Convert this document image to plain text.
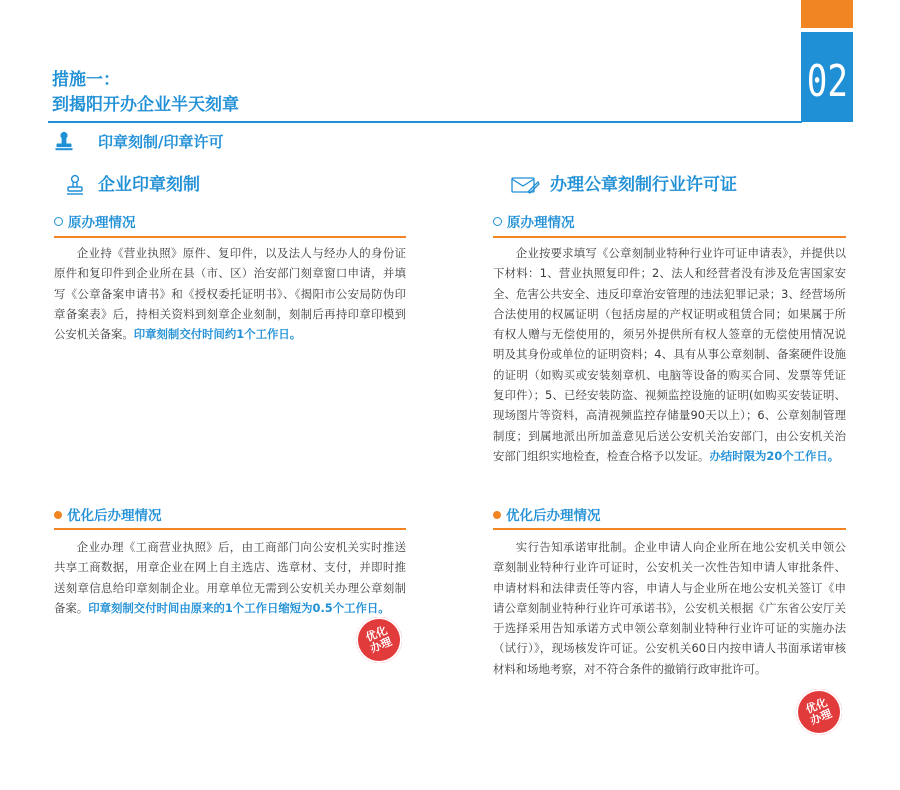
措施一：
到揭阳开办企业半天刻章	02
印章刻制/印章许可
企业印章刻制
原办理情况
企业持《营业执照》原件、复印件，以及法人与经办人的身份证原件和复印件到企业所在县（市、区）治安部门刻章窗口申请，并填写《公章备案申请书》和《授权委托证明书》、《揭阳市公安局防伪印章备案表》后，持相关资料到刻章企业刻制，刻制后再持印章印模到公安机关备案。印章刻制交付时间约1个工作日。
优化后办理情况
企业办理《工商营业执照》后，由工商部门向公安机关实时推送共享工商数据，用章企业在网上自主选店、选章材、支付，并即时推送刻章信息给印章刻制企业。用章单位无需到公安机关办理公章刻制备案。印章刻制交付时间由原来的1个工作日缩短为0.5个工作日。
优化办理
办理公章刻制行业许可证
原办理情况
企业按要求填写《公章刻制业特种行业许可证申请表》，并提供以下材料：1、营业执照复印件；2、法人和经营者没有涉及危害国家安全、危害公共安全、违反印章治安管理的违法犯罪记录；3、经营场所合法使用的权属证明（包括房屋的产权证明或租赁合同；如果属于所有权人赠与无偿使用的，须另外提供所有权人签章的无偿使用情况说明及其身份或单位的证明资料；4、具有从事公章刻制、备案硬件设施的证明（如购买或安装刻章机、电脑等设备的购买合同、发票等凭证复印件）；5、已经安装防盗、视频监控设施的证明(如购买安装证明、现场图片等资料，高清视频监控存储量90天以上）；6、公章刻制管理制度；到属地派出所加盖意见后送公安机关治安部门，由公安机关治安部门组织实地检查，检查合格予以发证。办结时限为20个工作日。
优化后办理情况
实行告知承诺审批制。企业申请人向企业所在地公安机关申领公章刻制业特种行业许可证时，公安机关一次性告知申请人审批条件、申请材料和法律责任等内容，申请人与企业所在地公安机关签订《申请公章刻制业特种行业许可承诺书》，公安机关根据《广东省公安厅关于选择采用告知承诺方式申领公章刻制业特种行业许可证的实施办法（试行）》，现场核发许可证。公安机关60日内按申请人书面承诺审核材料和场地考察，对不符合条件的撤销行政审批许可。
优化办理
